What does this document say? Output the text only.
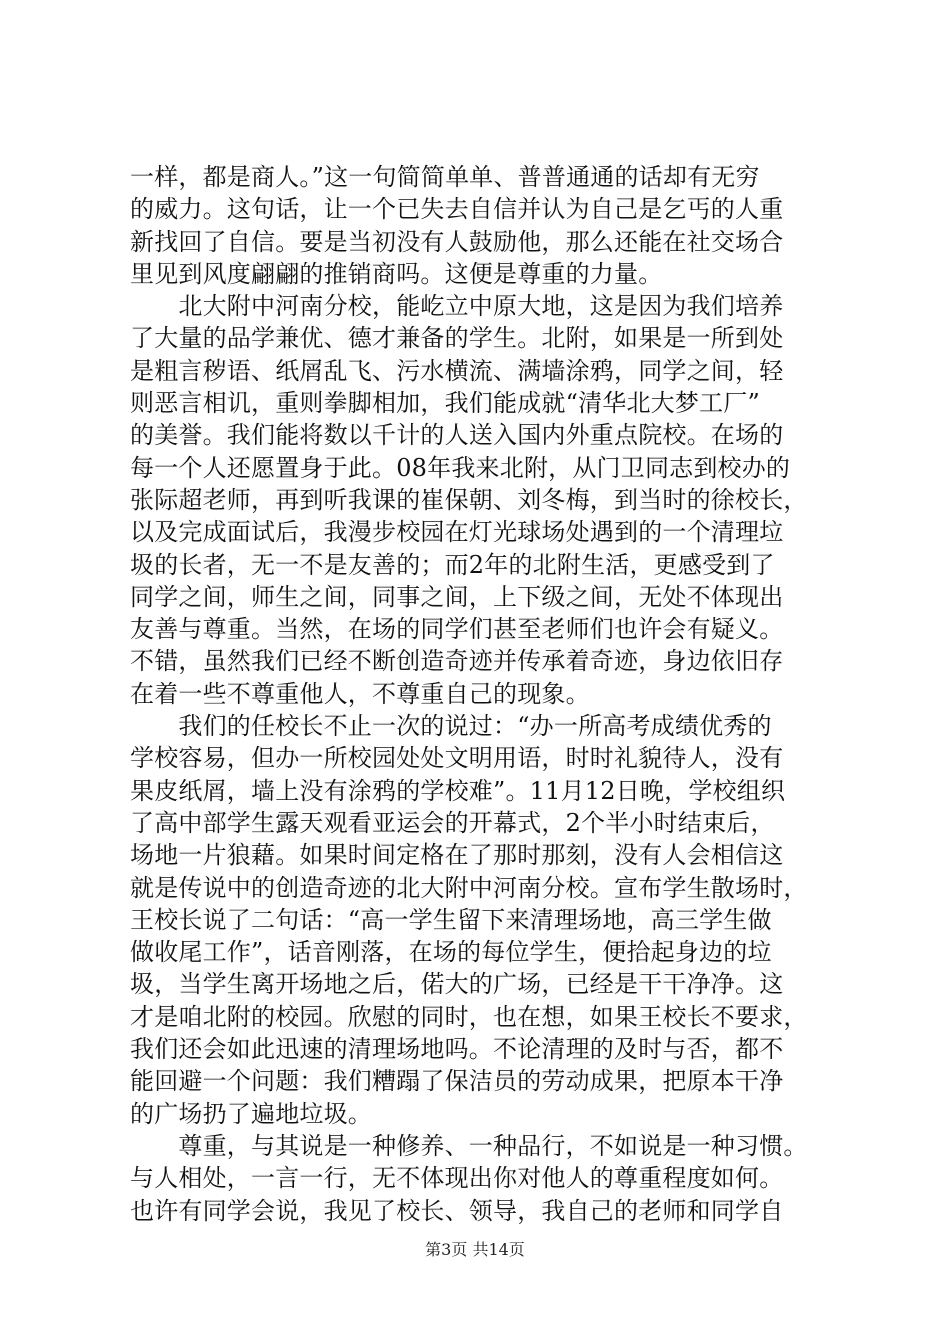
一样，都是商人。”这一句简简单单、普普通通的话却有无穷
的威力。这句话，让一个已失去自信并认为自己是乞丐的人重
新找回了自信。要是当初没有人鼓励他，那么还能在社交场合
里见到风度翩翩的推销商吗。这便是尊重的力量。
　　北大附中河南分校，能屹立中原大地，这是因为我们培养
了大量的品学兼优、德才兼备的学生。北附，如果是一所到处
是粗言秽语、纸屑乱飞、污水横流、满墙涂鸦，同学之间，轻
则恶言相讥，重则拳脚相加，我们能成就“清华北大梦工厂”
的美誉。我们能将数以千计的人送入国内外重点院校。在场的
每一个人还愿置身于此。08年我来北附，从门卫同志到校办的
张际超老师，再到听我课的崔保朝、刘冬梅，到当时的徐校长，
以及完成面试后，我漫步校园在灯光球场处遇到的一个清理垃
圾的长者，无一不是友善的；而2年的北附生活，更感受到了
同学之间，师生之间，同事之间，上下级之间，无处不体现出
友善与尊重。当然，在场的同学们甚至老师们也许会有疑义。
不错，虽然我们已经不断创造奇迹并传承着奇迹，身边依旧存
在着一些不尊重他人，不尊重自己的现象。
　　我们的任校长不止一次的说过：“办一所高考成绩优秀的
学校容易，但办一所校园处处文明用语，时时礼貌待人，没有
果皮纸屑，墙上没有涂鸦的学校难”。11月12日晚，学校组织
了高中部学生露天观看亚运会的开幕式，2个半小时结束后，
场地一片狼藉。如果时间定格在了那时那刻，没有人会相信这
就是传说中的创造奇迹的北大附中河南分校。宣布学生散场时，
王校长说了二句话：“高一学生留下来清理场地，高三学生做
做收尾工作”，话音刚落，在场的每位学生，便拾起身边的垃
圾，当学生离开场地之后，偌大的广场，已经是干干净净。这
才是咱北附的校园。欣慰的同时，也在想，如果王校长不要求，
我们还会如此迅速的清理场地吗。不论清理的及时与否，都不
能回避一个问题：我们糟蹋了保洁员的劳动成果，把原本干净
的广场扔了遍地垃圾。
　　尊重，与其说是一种修养、一种品行，不如说是一种习惯。
与人相处，一言一行，无不体现出你对他人的尊重程度如何。
也许有同学会说，我见了校长、领导，我自己的老师和同学自
第3页 共14页
